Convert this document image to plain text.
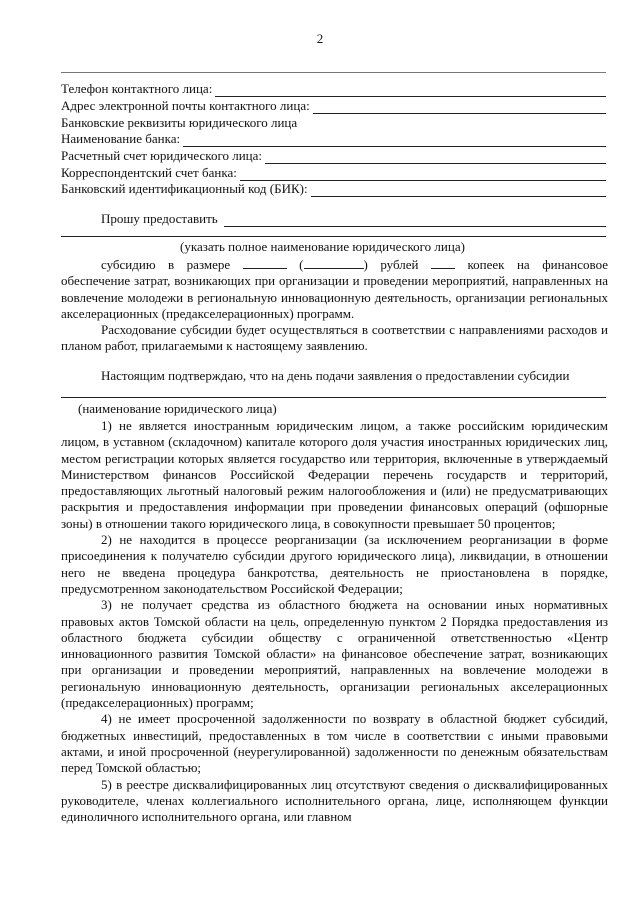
2
Телефон контактного лица:
Адрес электронной почты контактного лица:
Банковские реквизиты юридического лица
Наименование банка:
Расчетный счет юридического лица:
Корреспондентский счет банка:
Банковский идентификационный код (БИК):
Прошу предоставить
(указать полное наименование юридического лица)

субсидию в размере	(	) рублей	копеек на финансовое

обеспечение затрат, возникающих при организации и проведении мероприятий, направленных на вовлечение молодежи в региональную инновационную деятельность, организации региональных акселерационных (предакселерационных) программ.

Расходование субсидии будет осуществляться в соответствии с направлениями расходов и планом работ, прилагаемыми к настоящему заявлению.

Настоящим подтверждаю, что на день подачи заявления о предоставлении субсидии

(наименование юридического лица)

1) не является иностранным юридическим лицом, а также российским юридическим лицом, в уставном (складочном) капитале которого доля участия иностранных юридических лиц, местом регистрации которых является государство или территория, включенные в утверждаемый Министерством финансов Российской Федерации перечень государств и территорий, предоставляющих льготный налоговый режим налогообложения и (или) не предусматривающих раскрытия и предоставления информации при проведении финансовых операций (офшорные зоны) в отношении такого юридического лица, в совокупности превышает 50 процентов;

2) не находится в процессе реорганизации (за исключением реорганизации в форме присоединения к получателю субсидии другого юридического лица), ликвидации, в отношении него не введена процедура банкротства, деятельность не приостановлена в порядке, предусмотренном законодательством Российской Федерации;

3) не получает средства из областного бюджета на основании иных нормативных правовых актов Томской области на цель, определенную пунктом 2 Порядка предоставления из областного бюджета субсидии обществу с ограниченной ответственностью «Центр инновационного развития Томской области» на финансовое обеспечение затрат, возникающих при организации и проведении мероприятий, направленных на вовлечение молодежи в региональную инновационную деятельность, организации региональных акселерационных (предакселерационных) программ;

4) не имеет просроченной задолженности по возврату в областной бюджет субсидий, бюджетных инвестиций, предоставленных в том числе в соответствии с иными правовыми актами, и иной просроченной (неурегулированной) задолженности по денежным обязательствам перед Томской областью;

5) в реестре дисквалифицированных лиц отсутствуют сведения о дисквалифицированных руководителе, членах коллегиального исполнительного органа, лице, исполняющем функции единоличного исполнительного органа, или главном
